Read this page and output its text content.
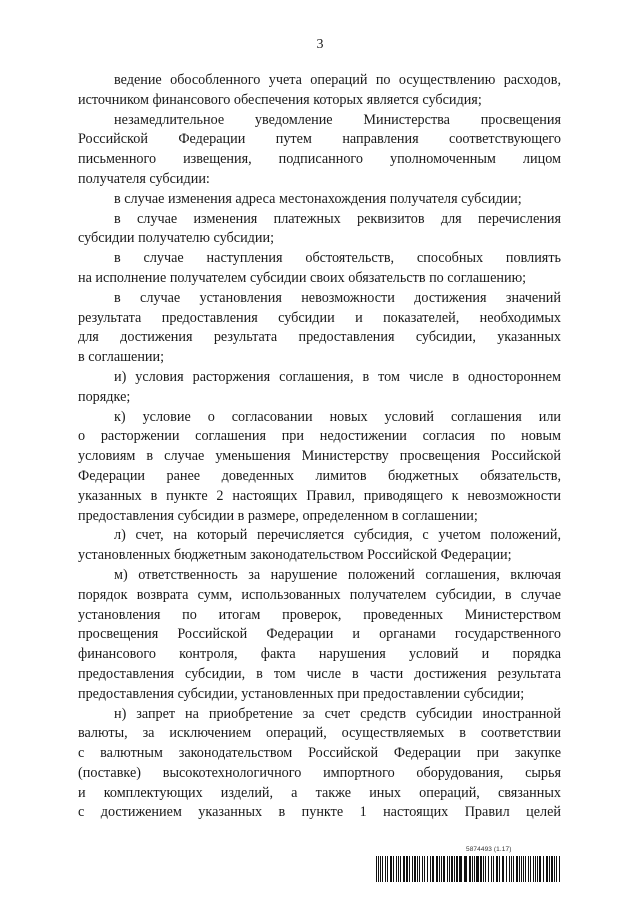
3
ведение обособленного учета операций по осуществлению расходов,
источником финансового обеспечения которых является субсидия;
незамедлительное уведомление Министерства просвещения
Российской Федерации путем направления соответствующего
письменного извещения, подписанного уполномоченным лицом
получателя субсидии:
в случае изменения адреса местонахождения получателя субсидии;
в случае изменения платежных реквизитов для перечисления
субсидии получателю субсидии;
в случае наступления обстоятельств, способных повлиять
на исполнение получателем субсидии своих обязательств по соглашению;
в случае установления невозможности достижения значений
результата предоставления субсидии и показателей, необходимых
для достижения результата предоставления субсидии, указанных
в соглашении;
и) условия расторжения соглашения, в том числе в одностороннем
порядке;
к) условие о согласовании новых условий соглашения или
о расторжении соглашения при недостижении согласия по новым
условиям в случае уменьшения Министерству просвещения Российской
Федерации ранее доведенных лимитов бюджетных обязательств,
указанных в пункте 2 настоящих Правил, приводящего к невозможности
предоставления субсидии в размере, определенном в соглашении;
л) счет, на который перечисляется субсидия, с учетом положений,
установленных бюджетным законодательством Российской Федерации;
м) ответственность за нарушение положений соглашения, включая
порядок возврата сумм, использованных получателем субсидии, в случае
установления по итогам проверок, проведенных Министерством
просвещения Российской Федерации и органами государственного
финансового контроля, факта нарушения условий и порядка
предоставления субсидии, в том числе в части достижения результата
предоставления субсидии, установленных при предоставлении субсидии;
н) запрет на приобретение за счет средств субсидии иностранной
валюты, за исключением операций, осуществляемых в соответствии
с валютным законодательством Российской Федерации при закупке
(поставке) высокотехнологичного импортного оборудования, сырья
и комплектующих изделий, а также иных операций, связанных
с достижением указанных в пункте 1 настоящих Правил целей
5874493 (1.17)
